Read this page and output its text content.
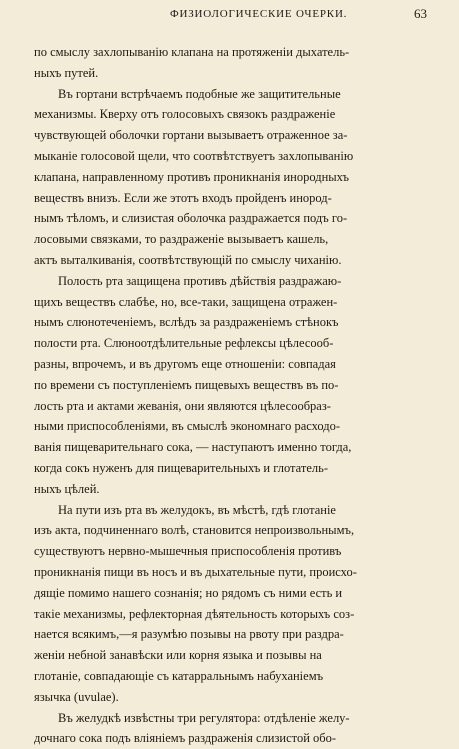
ФИЗИОЛОГИЧЕСКИЕ ОЧЕРКИ.	63
по смыслу захлопыванію клапана на протяженіи дыхатель-
ныхъ путей.
Въ гортани встрѣчаемъ подобные же защитительные
механизмы. Кверху отъ голосовыхъ связокъ раздраженіе
чувствующей оболочки гортани вызываетъ отраженное за-
мыканіе голосовой щели, что соотвѣтствуетъ захлопыванію
клапана, направленному противъ проникнанія инородныхъ
веществъ внизъ. Если же этотъ входъ пройденъ инород-
нымъ тѣломъ, и слизистая оболочка раздражается подъ го-
лосовыми связками, то раздраженіе вызываетъ кашель,
актъ выталкиванія, соотвѣтствующій по смыслу чиханію.
Полость рта защищена противъ дѣйствія раздражаю-
щихъ веществъ слабѣе, но, все-таки, защищена отражен-
нымъ слюнотеченіемъ, вслѣдъ за раздраженіемъ стѣнокъ
полости рта. Слюноотдѣлительные рефлексы цѣлесооб-
разны, впрочемъ, и въ другомъ еще отношеніи: совпадая
по времени съ поступленіемъ пищевыхъ веществъ въ по-
лость рта и актами жеванія, они являются цѣлесообраз-
ными приспособленіями, въ смыслѣ экономнаго расходо-
ванія пищеварительнаго сока, — наступаютъ именно тогда,
когда сокъ нуженъ для пищеварительныхъ и глотатель-
ныхъ цѣлей.
На пути изъ рта въ желудокъ, въ мѣстѣ, гдѣ глотаніе
изъ акта, подчиненнаго волѣ, становится непроизвольнымъ,
существуютъ нервно-мышечныя приспособленія противъ
проникнанія пищи въ носъ и въ дыхательные пути, происхо-
дящіе помимо нашего сознанія; но рядомъ съ ними есть и
такіе механизмы, рефлекторная дѣятельность которыхъ соз-
нается всякимъ,—я разумѣю позывы на рвоту при раздра-
женіи небной занавѣски или корня языка и позывы на
глотаніе, совпадающіе съ катарральнымъ набуханіемъ
язычка (uvulae).
Въ желудкѣ извѣстны три регулятора: отдѣленіе желу-
дочнаго сока подъ вліяніемъ раздраженія слизистой обо-
